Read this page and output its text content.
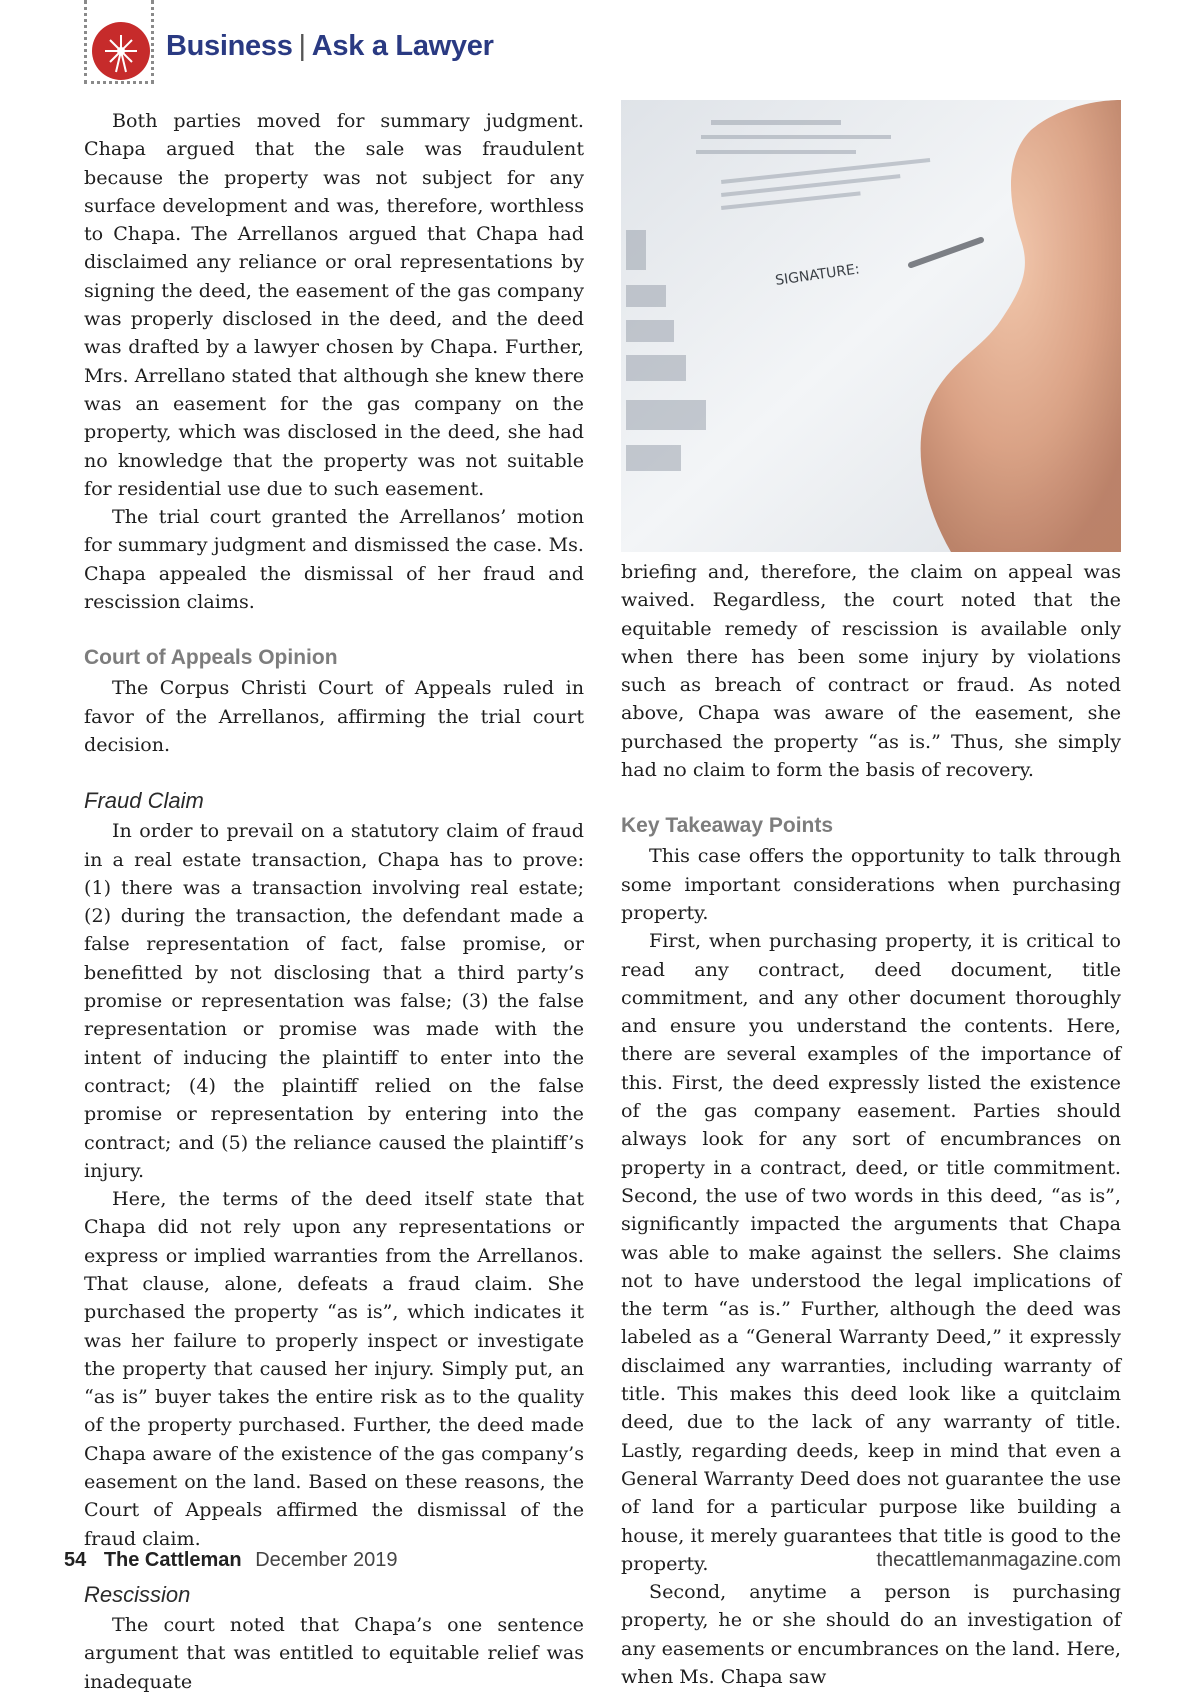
Business | Ask a Lawyer
SIGNATURE:

Both parties moved for summary judgment. Chapa argued that the sale was fraudulent because the property was not subject for any surface development and was, therefore, worthless to Chapa. The Arrellanos argued that Chapa had disclaimed any reliance or oral representations by signing the deed, the easement of the gas company was properly disclosed in the deed, and the deed was drafted by a lawyer chosen by Chapa. Further, Mrs. Arrellano stated that although she knew there was an easement for the gas company on the property, which was disclosed in the deed, she had no knowledge that the property was not suitable for residential use due to such easement.

The trial court granted the Arrellanos’ motion for summary judgment and dismissed the case. Ms. Chapa appealed the dismissal of her fraud and rescission claims.

Court of Appeals Opinion

The Corpus Christi Court of Appeals ruled in favor of the Arrellanos, affirming the trial court decision.

Fraud Claim

In order to prevail on a statutory claim of fraud in a real estate transaction, Chapa has to prove: (1) there was a transaction involving real estate; (2) during the transaction, the defendant made a false representation of fact, false promise, or benefitted by not disclosing that a third party’s promise or representation was false; (3) the false representation or promise was made with the intent of inducing the plaintiff to enter into the contract; (4) the plaintiff relied on the false promise or representation by entering into the contract; and (5) the reliance caused the plaintiff’s injury.

Here, the terms of the deed itself state that Chapa did not rely upon any representations or express or implied warranties from the Arrellanos. That clause, alone, defeats a fraud claim. She purchased the property “as is”, which indicates it was her failure to properly inspect or investigate the property that caused her injury. Simply put, an “as is” buyer takes the entire risk as to the quality of the property purchased. Further, the deed made Chapa aware of the existence of the gas company’s easement on the land. Based on these reasons, the Court of Appeals affirmed the dismissal of the fraud claim.

Rescission

The court noted that Chapa’s one sentence argument that was entitled to equitable relief was inadequate

briefing and, therefore, the claim on appeal was waived. Regardless, the court noted that the equitable remedy of rescission is available only when there has been some injury by violations such as breach of contract or fraud. As noted above, Chapa was aware of the easement, she purchased the property “as is.” Thus, she simply had no claim to form the basis of recovery.

Key Takeaway Points

This case offers the opportunity to talk through some important considerations when purchasing property.

First, when purchasing property, it is critical to read any contract, deed document, title commitment, and any other document thoroughly and ensure you understand the contents. Here, there are several examples of the importance of this. First, the deed expressly listed the existence of the gas company easement. Parties should always look for any sort of encumbrances on property in a contract, deed, or title commitment. Second, the use of two words in this deed, “as is”, significantly impacted the arguments that Chapa was able to make against the sellers. She claims not to have understood the legal implications of the term “as is.” Further, although the deed was labeled as a “General Warranty Deed,” it expressly disclaimed any warranties, including warranty of title. This makes this deed look like a quitclaim deed, due to the lack of any warranty of title. Lastly, regarding deeds, keep in mind that even a General Warranty Deed does not guarantee the use of land for a particular purpose like building a house, it merely guarantees that title is good to the property.

Second, anytime a person is purchasing property, he or she should do an investigation of any easements or encumbrances on the land. Here, when Ms. Chapa saw

54 The Cattleman December 2019	thecattlemanmagazine.com
